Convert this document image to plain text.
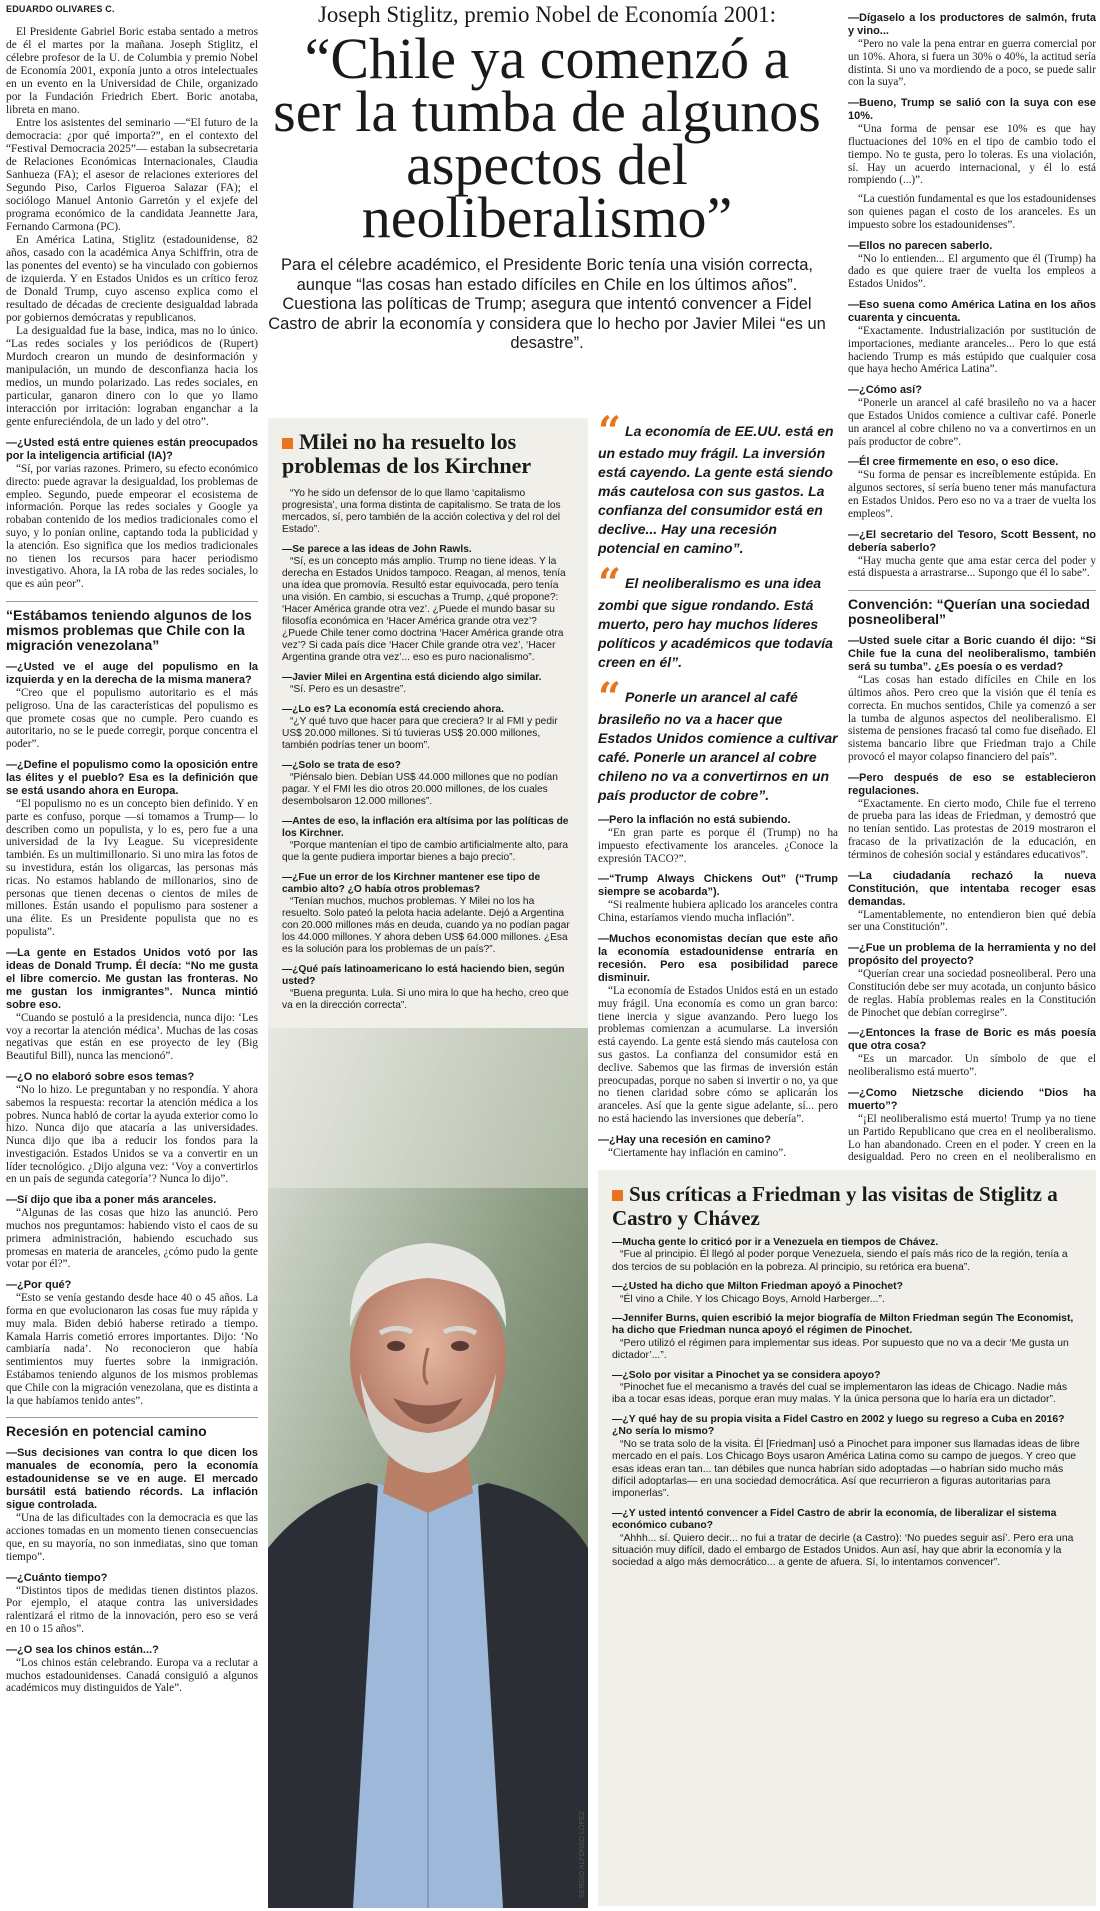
EDUARDO OLIVARES C.	Joseph Stiglitz, premio Nobel de Economía 2001:
“Chile ya comenzó a ser la tumba de algunos aspectos del neoliberalismo”

Para el célebre académico, el Presidente Boric tenía una visión correcta, aunque “las cosas han estado difíciles en Chile en los últimos años”. Cuestiona las políticas de Trump; asegura que intentó convencer a Fidel Castro de abrir la economía y considera que lo hecho por Javier Milei “es un desastre”.

El Presidente Gabriel Boric estaba sentado a metros de él el martes por la mañana. Joseph Stiglitz, el célebre profesor de la U. de Columbia y premio Nobel de Economía 2001, exponía junto a otros intelectuales en un evento en la Universidad de Chile, organizado por la Fundación Friedrich Ebert. Boric anotaba, libreta en mano.

Entre los asistentes del seminario —“El futuro de la democracia: ¿por qué importa?”, en el contexto del “Festival Democracia 2025”— estaban la subsecretaria de Relaciones Económicas Internacionales, Claudia Sanhueza (FA); el asesor de relaciones exteriores del Segundo Piso, Carlos Figueroa Salazar (FA); el sociólogo Manuel Antonio Garretón y el exjefe del programa económico de la candidata Jeannette Jara, Fernando Carmona (PC).

En América Latina, Stiglitz (estadounidense, 82 años, casado con la académica Anya Schiffrin, otra de las ponentes del evento) se ha vinculado con gobiernos de izquierda. Y en Estados Unidos es un crítico feroz de Donald Trump, cuyo ascenso explica como el resultado de décadas de creciente desigualdad labrada por gobiernos demócratas y republicanos.

La desigualdad fue la base, indica, mas no lo único. “Las redes sociales y los periódicos de (Rupert) Murdoch crearon un mundo de desinformación y manipulación, un mundo de desconfianza hacia los medios, un mundo polarizado. Las redes sociales, en particular, ganaron dinero con lo que yo llamo interacción por irritación: lograban enganchar a la gente enfureciéndola, de un lado y del otro”.

— ¿Usted está entre quienes están preocupados por la inteligencia artificial (IA)?

“Sí, por varias razones. Primero, su efecto económico directo: puede agravar la desigualdad, los problemas de empleo. Segundo, puede empeorar el ecosistema de información. Porque las redes sociales y Google ya robaban contenido de los medios tradicionales como el suyo, y lo ponían online, captando toda la publicidad y la atención. Eso significa que los medios tradicionales no tienen los recursos para hacer periodismo investigativo. Ahora, la IA roba de las redes sociales, lo que es aún peor”.

“Estábamos teniendo algunos de los mismos problemas que Chile con la migración venezolana”

— ¿Usted ve el auge del populismo en la izquierda y en la derecha de la misma manera?

“Creo que el populismo autoritario es el más peligroso. Una de las características del populismo es que promete cosas que no cumple. Pero cuando es autoritario, no se le puede corregir, porque concentra el poder”.

— ¿Define el populismo como la oposición entre las élites y el pueblo? Esa es la definición que se está usando ahora en Europa.

“El populismo no es un concepto bien definido. Y en parte es confuso, porque —si tomamos a Trump— lo describen como un populista, y lo es, pero fue a una universidad de la Ivy League. Su vicepresidente también. Es un multimillonario. Si uno mira las fotos de su investidura, están los oligarcas, las personas más ricas. No estamos hablando de millonarios, sino de personas que tienen decenas o cientos de miles de millones. Están usando el populismo para sostener a una élite. Es un Presidente populista que no es populista”.

— La gente en Estados Unidos votó por las ideas de Donald Trump. Él decía: “No me gusta el libre comercio. Me gustan las fronteras. No me gustan los inmigrantes”. Nunca mintió sobre eso.

“Cuando se postuló a la presidencia, nunca dijo: ‘Les voy a recortar la atención médica’. Muchas de las cosas negativas que están en ese proyecto de ley (Big Beautiful Bill), nunca las mencionó”.

— ¿O no elaboró sobre esos temas?

“No lo hizo. Le preguntaban y no respondía. Y ahora sabemos la respuesta: recortar la atención médica a los pobres. Nunca habló de cortar la ayuda exterior como lo hizo. Nunca dijo que atacaría a las universidades. Nunca dijo que iba a reducir los fondos para la investigación. Estados Unidos se va a convertir en un líder tecnológico. ¿Dijo alguna vez: ‘Voy a convertirlos en un país de segunda categoría’? Nunca lo dijo”.

— Sí dijo que iba a poner más aranceles.

“Algunas de las cosas que hizo las anunció. Pero muchos nos preguntamos: habiendo visto el caos de su primera administración, habiendo escuchado sus promesas en materia de aranceles, ¿cómo pudo la gente votar por él?”.

— ¿Por qué?

“Esto se venía gestando desde hace 40 o 45 años. La forma en que evolucionaron las cosas fue muy rápida y muy mala. Biden debió haberse retirado a tiempo. Kamala Harris cometió errores importantes. Dijo: ‘No cambiaría nada’. No reconocieron que había sentimientos muy fuertes sobre la inmigración. Estábamos teniendo algunos de los mismos problemas que Chile con la migración venezolana, que es distinta a la que habíamos tenido antes”.

Recesión en potencial camino

— Sus decisiones van contra lo que dicen los manuales de economía, pero la economía estadounidense se ve en auge. El mercado bursátil está batiendo récords. La inflación sigue controlada.

“Una de las dificultades con la democracia es que las acciones tomadas en un momento tienen consecuencias que, en su mayoría, no son inmediatas, sino que toman tiempo”.

— ¿Cuánto tiempo?

“Distintos tipos de medidas tienen distintos plazos. Por ejemplo, el ataque contra las universidades ralentizará el ritmo de la innovación, pero eso se verá en 10 o 15 años”.

— ¿O sea los chinos están...?

“Los chinos están celebrando. Europa va a reclutar a muchos estadounidenses. Canadá consiguió a algunos académicos muy distinguidos de Yale”.

Milei no ha resuelto los problemas de los Kirchner

“Yo he sido un defensor de lo que llamo ‘capitalismo progresista’, una forma distinta de capitalismo. Se trata de los mercados, sí, pero también de la acción colectiva y del rol del Estado”.

— Se parece a las ideas de John Rawls.

“Sí, es un concepto más amplio. Trump no tiene ideas. Y la derecha en Estados Unidos tampoco. Reagan, al menos, tenía una idea que promovía. Resultó estar equivocada, pero tenía una visión. En cambio, si escuchas a Trump, ¿qué propone?: ‘Hacer América grande otra vez’. ¿Puede el mundo basar su filosofía económica en ‘Hacer América grande otra vez’? ¿Puede Chile tener como doctrina ‘Hacer América grande otra vez’? Si cada país dice ‘Hacer Chile grande otra vez’, ‘Hacer Argentina grande otra vez’... eso es puro nacionalismo”.

— Javier Milei en Argentina está diciendo algo similar.

“Sí. Pero es un desastre”.

— ¿Lo es? La economía está creciendo ahora.

“¿Y qué tuvo que hacer para que creciera? Ir al FMI y pedir US$ 20.000 millones. Si tú tuvieras US$ 20.000 millones, también podrías tener un boom”.

— ¿Solo se trata de eso?

“Piénsalo bien. Debían US$ 44.000 millones que no podían pagar. Y el FMI les dio otros 20.000 millones, de los cuales desembolsaron 12.000 millones”.

— Antes de eso, la inflación era altísima por las políticas de los Kirchner.

“Porque mantenían el tipo de cambio artificialmente alto, para que la gente pudiera importar bienes a bajo precio”.

— ¿Fue un error de los Kirchner mantener ese tipo de cambio alto? ¿O había otros problemas?

“Tenían muchos, muchos problemas. Y Milei no los ha resuelto. Solo pateó la pelota hacia adelante. Dejó a Argentina con 20.000 millones más en deuda, cuando ya no podían pagar los 44.000 millones. Y ahora deben US$ 64.000 millones. ¿Esa es la solución para los problemas de un país?”.

— ¿Qué país latinoamericano lo está haciendo bien, según usted?

“Buena pregunta. Lula. Si uno mira lo que ha hecho, creo que va en la dirección correcta”.

SERGIO ALFONSO LÓPEZ
“ La economía de EE.UU. está en un estado muy frágil. La inversión está cayendo. La gente está siendo más cautelosa con sus gastos. La confianza del consumidor está en declive... Hay una recesión potencial en camino”.

“ El neoliberalismo es una idea zombi que sigue rondando. Está muerto, pero hay muchos líderes políticos y académicos que todavía creen en él”.

“ Ponerle un arancel al café brasileño no va a hacer que Estados Unidos comience a cultivar café. Ponerle un arancel al cobre chileno no va a convertirnos en un país productor de cobre”.

— Pero la inflación no está subiendo.

“En gran parte es porque él (Trump) no ha impuesto efectivamente los aranceles. ¿Conoce la expresión TACO?”.

— “Trump Always Chickens Out” (“Trump siempre se acobarda”).

“Si realmente hubiera aplicado los aranceles contra China, estaríamos viendo mucha inflación”.

— Muchos economistas decían que este año la economía estadounidense entraría en recesión. Pero esa posibilidad parece disminuir.

“La economía de Estados Unidos está en un estado muy frágil. Una economía es como un gran barco: tiene inercia y sigue avanzando. Pero luego los problemas comienzan a acumularse. La inversión está cayendo. La gente está siendo más cautelosa con sus gastos. La confianza del consumidor está en declive. Sabemos que las firmas de inversión están preocupadas, porque no saben si invertir o no, ya que no tienen claridad sobre cómo se aplicarán los aranceles. Así que la gente sigue adelante, sí... pero no está haciendo las inversiones que debería”.

— ¿Hay una recesión en camino?

“Ciertamente hay inflación en camino”.

— Dígaselo a los productores de salmón, fruta y vino...

“Pero no vale la pena entrar en guerra comercial por un 10%. Ahora, si fuera un 30% o 40%, la actitud sería distinta. Si uno va mordiendo de a poco, se puede salir con la suya”.

— Bueno, Trump se salió con la suya con ese 10%.

“Una forma de pensar ese 10% es que hay fluctuaciones del 10% en el tipo de cambio todo el tiempo. No te gusta, pero lo toleras. Es una violación, sí. Hay un acuerdo internacional, y él lo está rompiendo (...)”.

“La cuestión fundamental es que los estadounidenses son quienes pagan el costo de los aranceles. Es un impuesto sobre los estadounidenses”.

— Ellos no parecen saberlo.

“No lo entienden... El argumento que él (Trump) ha dado es que quiere traer de vuelta los empleos a Estados Unidos”.

— Eso suena como América Latina en los años cuarenta y cincuenta.

“Exactamente. Industrialización por sustitución de importaciones, mediante aranceles... Pero lo que está haciendo Trump es más estúpido que cualquier cosa que haya hecho América Latina”.

— ¿Cómo así?

“Ponerle un arancel al café brasileño no va a hacer que Estados Unidos comience a cultivar café. Ponerle un arancel al cobre chileno no va a convertirnos en un país productor de cobre”.

— Él cree firmemente en eso, o eso dice.

“Su forma de pensar es increíblemente estúpida. En algunos sectores, sí sería bueno tener más manufactura en Estados Unidos. Pero eso no va a traer de vuelta los empleos”.

— ¿El secretario del Tesoro, Scott Bessent, no debería saberlo?

“Hay mucha gente que ama estar cerca del poder y está dispuesta a arrastrarse... Supongo que él lo sabe”.

Convención: “Querían una sociedad posneoliberal”

— Usted suele citar a Boric cuando él dijo: “Si Chile fue la cuna del neoliberalismo, también será su tumba”. ¿Es poesía o es verdad?

“Las cosas han estado difíciles en Chile en los últimos años. Pero creo que la visión que él tenía es correcta. En muchos sentidos, Chile ya comenzó a ser la tumba de algunos aspectos del neoliberalismo. El sistema de pensiones fracasó tal como fue diseñado. El sistema bancario libre que Friedman trajo a Chile provocó el mayor colapso financiero del país”.

— Pero después de eso se establecieron regulaciones.

“Exactamente. En cierto modo, Chile fue el terreno de prueba para las ideas de Friedman, y demostró que no tenían sentido. Las protestas de 2019 mostraron el fracaso de la privatización de la educación, en términos de cohesión social y estándares educativos”.

— La ciudadanía rechazó la nueva Constitución, que intentaba recoger esas demandas.

“Lamentablemente, no entendieron bien qué debía ser una Constitución”.

— ¿Fue un problema de la herramienta y no del propósito del proyecto?

“Querían crear una sociedad posneoliberal. Pero una Constitución debe ser muy acotada, un conjunto básico de reglas. Había problemas reales en la Constitución de Pinochet que debían corregirse”.

— ¿Entonces la frase de Boric es más poesía que otra cosa?

“Es un marcador. Un símbolo de que el neoliberalismo está muerto”.

— ¿Como Nietzsche diciendo “Dios ha muerto”?

“¡El neoliberalismo está muerto! Trump ya no tiene un Partido Republicano que crea en el neoliberalismo. Lo han abandonado. Creen en el poder. Y creen en la desigualdad. Pero no creen en el neoliberalismo en

Sus críticas a Friedman y las visitas de Stiglitz a Castro y Chávez

— Mucha gente lo criticó por ir a Venezuela en tiempos de Chávez.

“Fue al principio. Él llegó al poder porque Venezuela, siendo el país más rico de la región, tenía a dos tercios de su población en la pobreza. Al principio, su retórica era buena”.

— ¿Usted ha dicho que Milton Friedman apoyó a Pinochet?

“Él vino a Chile. Y los Chicago Boys, Arnold Harberger...”.

— Jennifer Burns, quien escribió la mejor biografía de Milton Friedman según The Economist, ha dicho que Friedman nunca apoyó el régimen de Pinochet.

“Pero utilizó el régimen para implementar sus ideas. Por supuesto que no va a decir ‘Me gusta un dictador’...”.

— ¿Solo por visitar a Pinochet ya se considera apoyo?

“Pinochet fue el mecanismo a través del cual se implementaron las ideas de Chicago. Nadie más iba a tocar esas ideas, porque eran muy malas. Y la única persona que lo haría era un dictador”.

— ¿Y qué hay de su propia visita a Fidel Castro en 2002 y luego su regreso a Cuba en 2016? ¿No sería lo mismo?

“No se trata solo de la visita. Él [Friedman] usó a Pinochet para imponer sus llamadas ideas de libre mercado en el país. Los Chicago Boys usaron América Latina como su campo de juegos. Y creo que esas ideas eran tan... tan débiles que nunca habrían sido adoptadas —o habrían sido mucho más difícil adoptarlas— en una sociedad democrática. Así que recurrieron a figuras autoritarias para imponerlas”.

— ¿Y usted intentó convencer a Fidel Castro de abrir la economía, de liberalizar el sistema económico cubano?

“Ahhh... sí. Quiero decir... no fui a tratar de decirle (a Castro): ‘No puedes seguir así’. Pero era una situación muy difícil, dado el embargo de Estados Unidos. Aun así, hay que abrir la economía y la sociedad a algo más democrático... a gente de afuera. Sí, lo intentamos convencer”.
